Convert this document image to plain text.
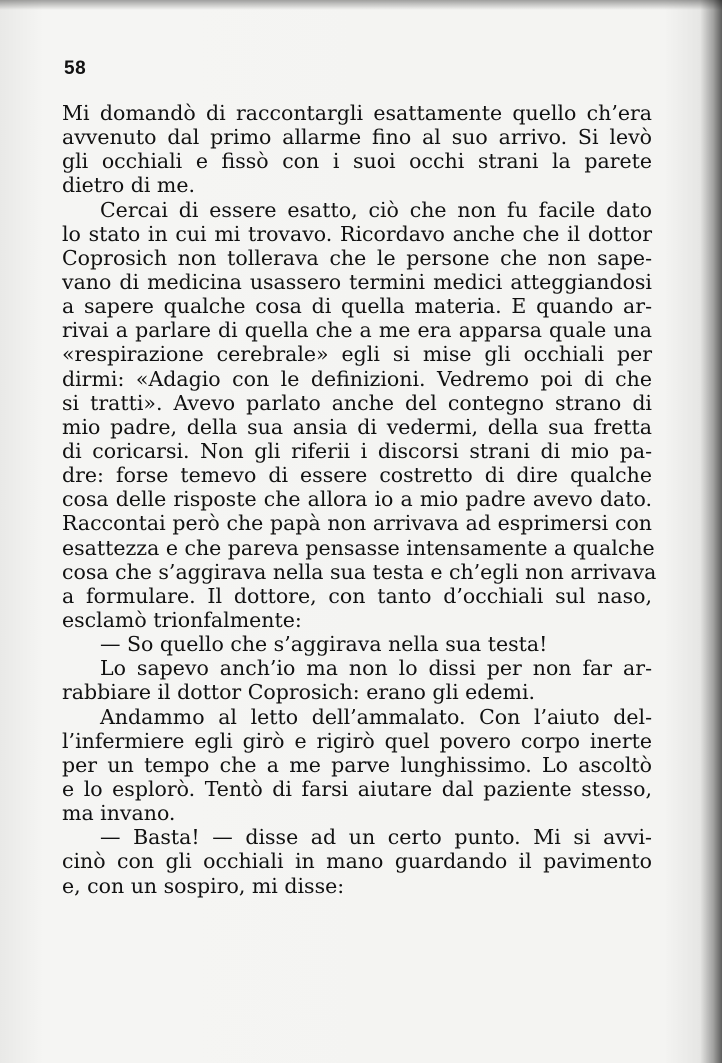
58
Mi domandò di raccontargli esattamente quello ch’era
avvenuto dal primo allarme fino al suo arrivo. Si levò
gli occhiali e fissò con i suoi occhi strani la parete
dietro di me.
Cercai di essere esatto, ciò che non fu facile dato
lo stato in cui mi trovavo. Ricordavo anche che il dottor
Coprosich non tollerava che le persone che non sape-
vano di medicina usassero termini medici atteggiandosi
a sapere qualche cosa di quella materia. E quando ar-
rivai a parlare di quella che a me era apparsa quale una
«respirazione cerebrale» egli si mise gli occhiali per
dirmi: «Adagio con le definizioni. Vedremo poi di che
si tratti». Avevo parlato anche del contegno strano di
mio padre, della sua ansia di vedermi, della sua fretta
di coricarsi. Non gli riferii i discorsi strani di mio pa-
dre: forse temevo di essere costretto di dire qualche
cosa delle risposte che allora io a mio padre avevo dato.
Raccontai però che papà non arrivava ad esprimersi con
esattezza e che pareva pensasse intensamente a qualche
cosa che s’aggirava nella sua testa e ch’egli non arrivava
a formulare. Il dottore, con tanto d’occhiali sul naso,
esclamò trionfalmente:
— So quello che s’aggirava nella sua testa!
Lo sapevo anch’io ma non lo dissi per non far ar-
rabbiare il dottor Coprosich: erano gli edemi.
Andammo al letto dell’ammalato. Con l’aiuto del-
l’infermiere egli girò e rigirò quel povero corpo inerte
per un tempo che a me parve lunghissimo. Lo ascoltò
e lo esplorò. Tentò di farsi aiutare dal paziente stesso,
ma invano.
— Basta! — disse ad un certo punto. Mi si avvi-
cinò con gli occhiali in mano guardando il pavimento
e, con un sospiro, mi disse:
